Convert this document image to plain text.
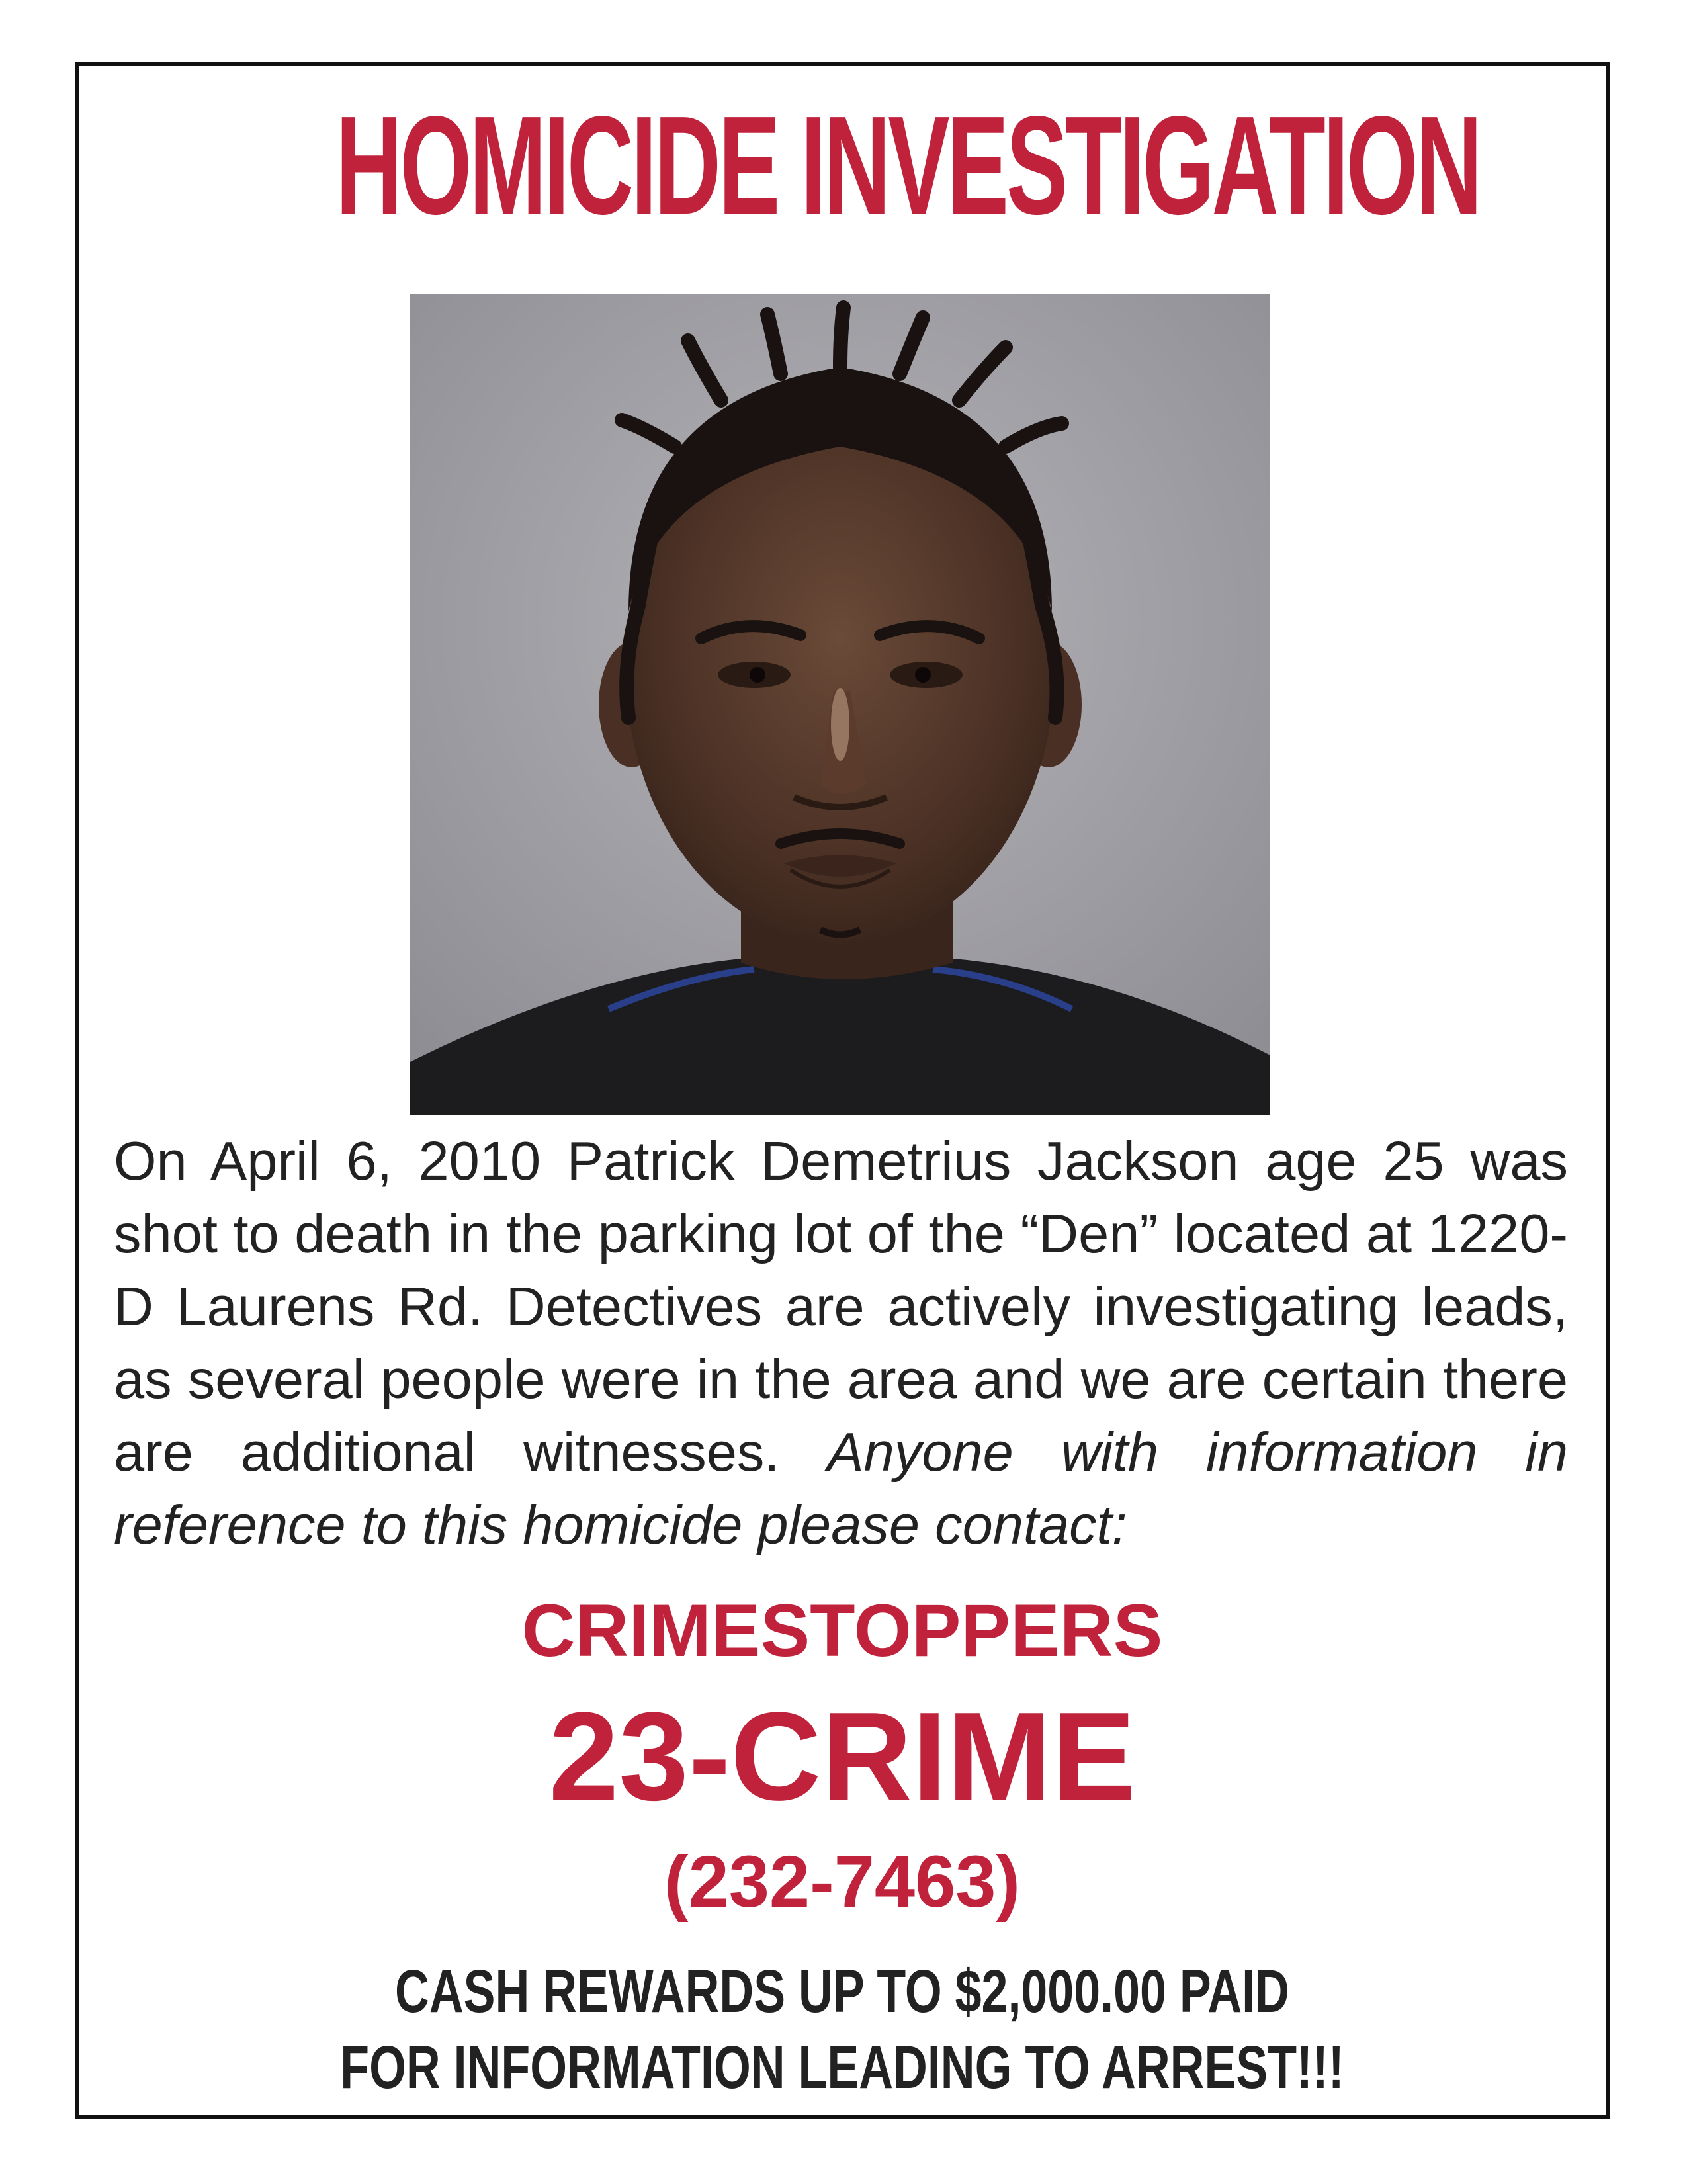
HOMICIDE INVESTIGATION
On April 6, 2010 Patrick Demetrius Jackson age 25 was shot to death in the parking lot of the “Den” located at 1220-D Laurens Rd. Detectives are actively investigating leads, as several people were in the area and we are certain there are additional witnesses. Anyone with information in reference to this homicide please contact:
CRIMESTOPPERS
23-CRIME
(232-7463)
CASH REWARDS UP TO $2,000.00 PAID
FOR INFORMATION LEADING TO ARREST!!!
